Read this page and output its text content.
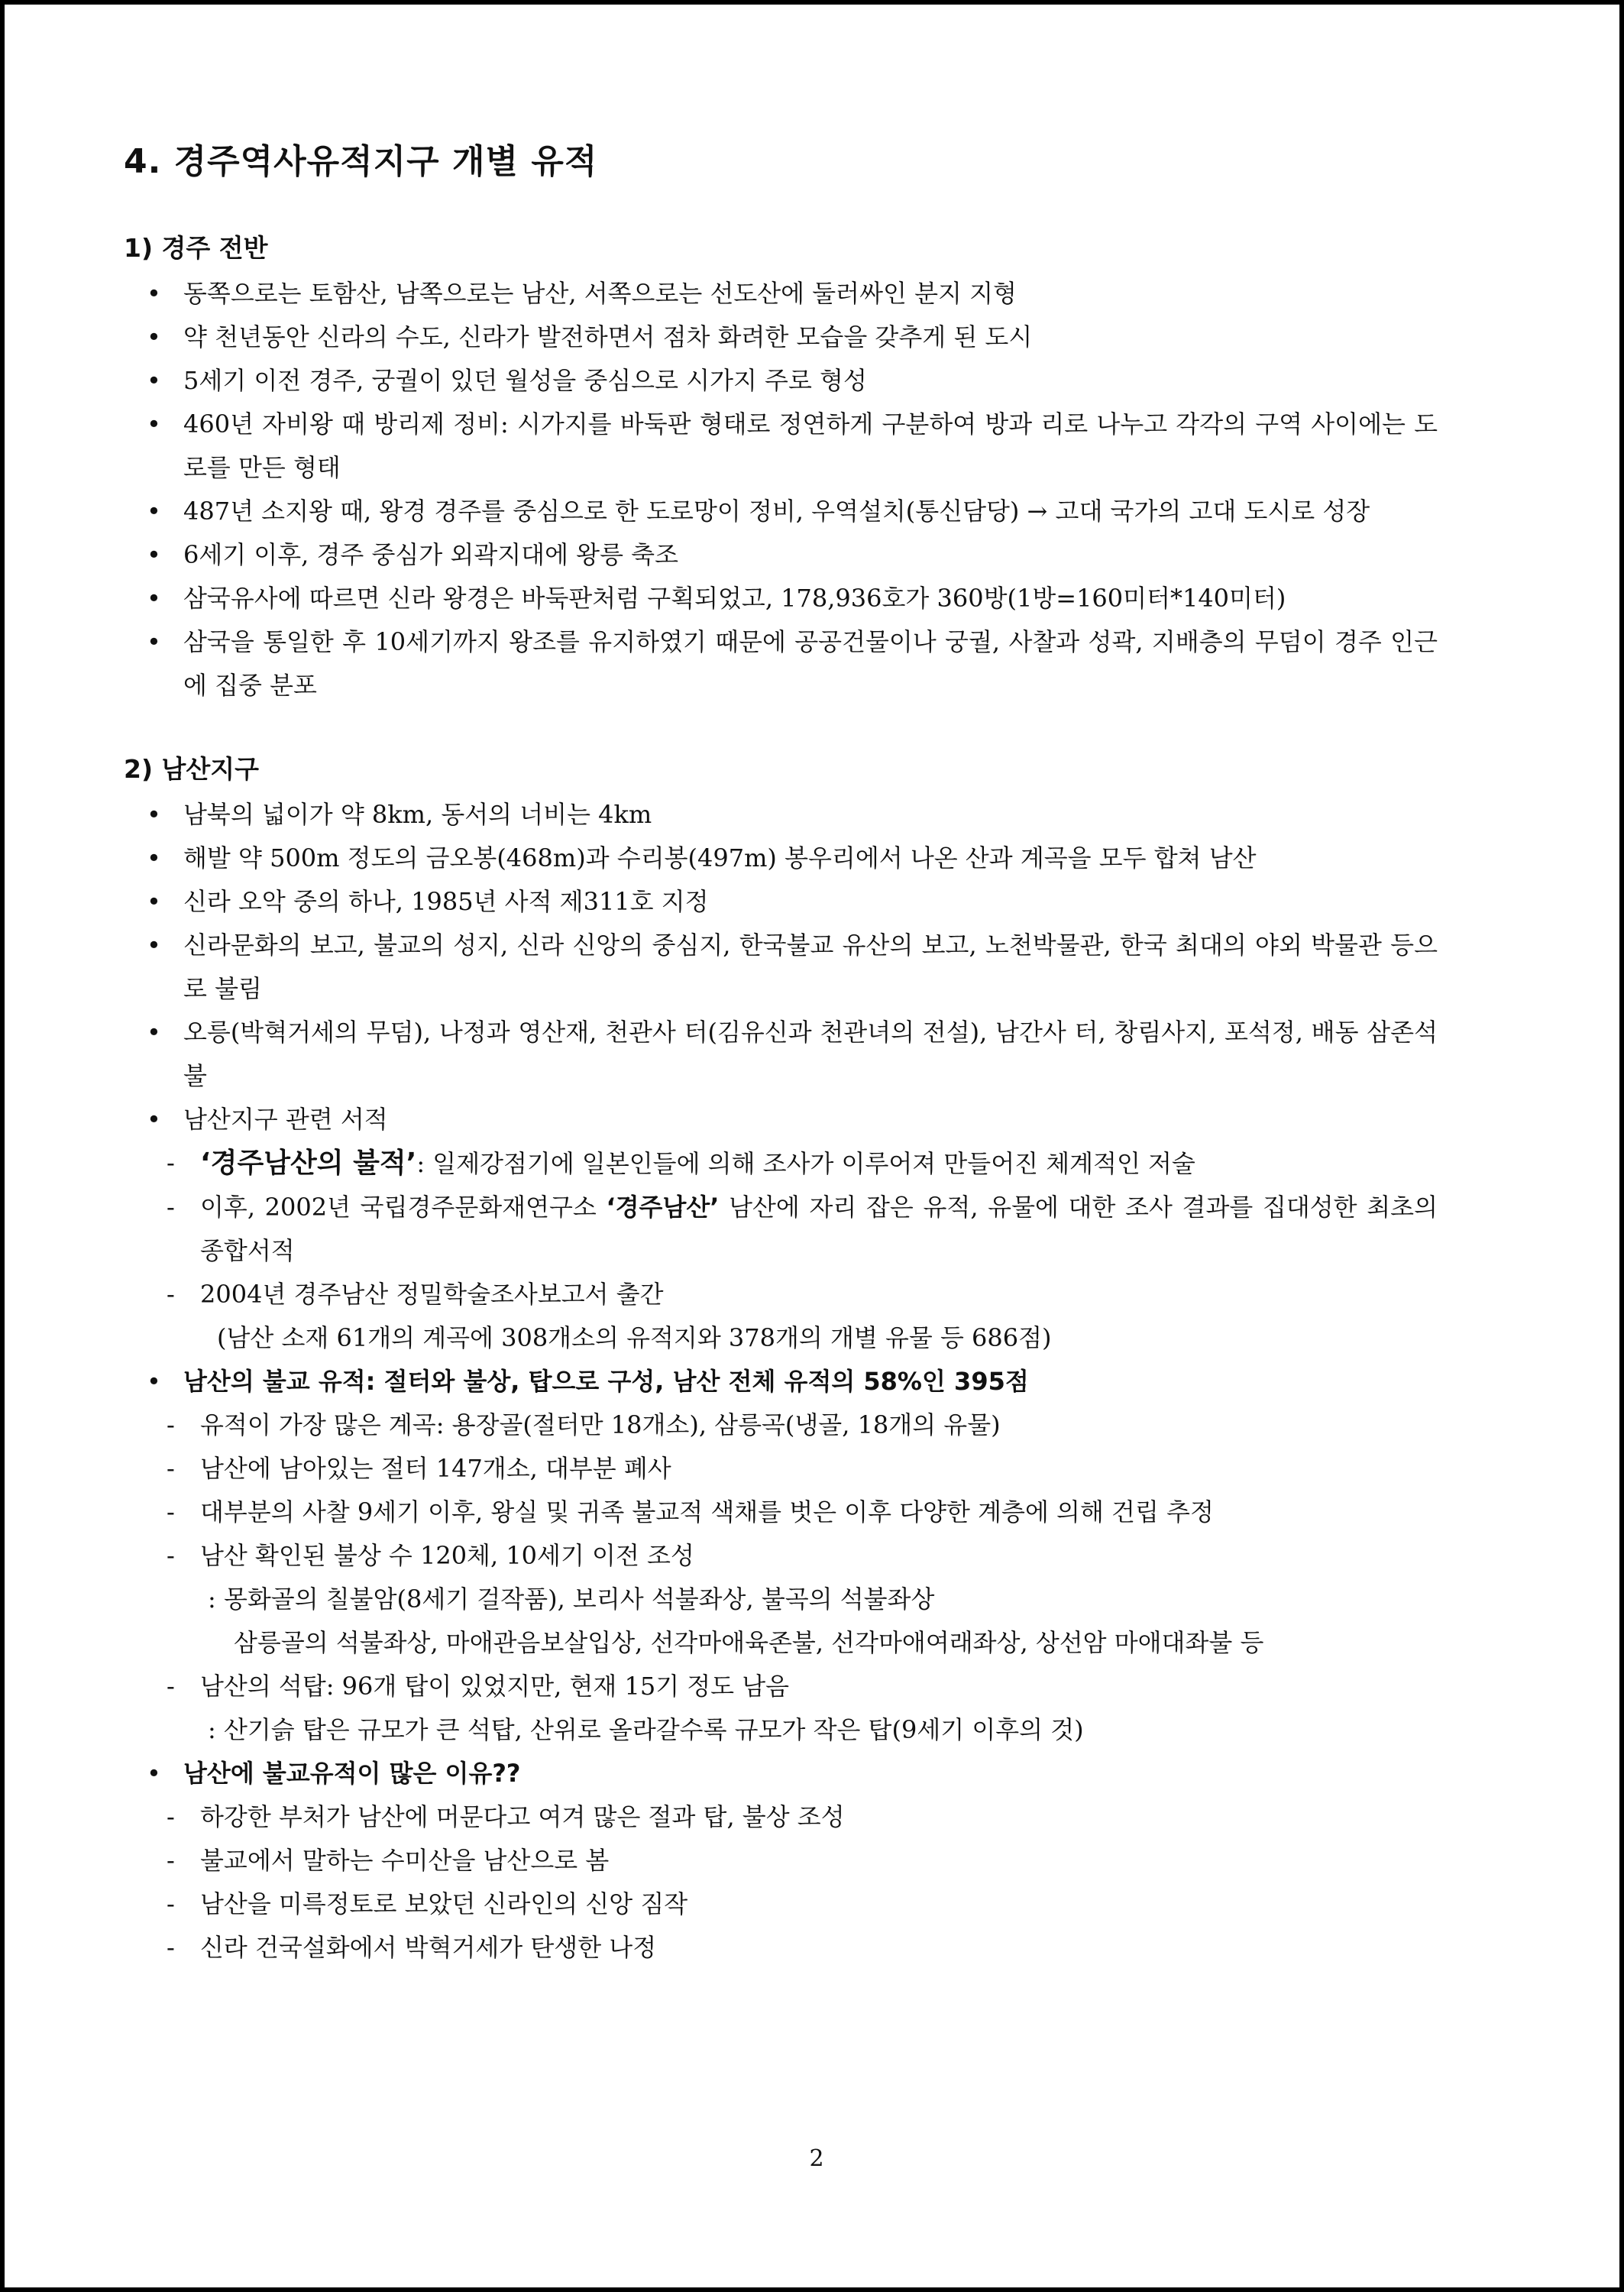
4. 경주역사유적지구 개별 유적
1) 경주 전반
• 동쪽으로는 토함산, 남쪽으로는 남산, 서쪽으로는 선도산에 둘러싸인 분지 지형
• 약 천년동안 신라의 수도, 신라가 발전하면서 점차 화려한 모습을 갖추게 된 도시
• 5세기 이전 경주, 궁궐이 있던 월성을 중심으로 시가지 주로 형성
• 460년 자비왕 때 방리제 정비: 시가지를 바둑판 형태로 정연하게 구분하여 방과 리로 나누고 각각의 구역 사이에는 도로를 만든 형태
• 487년 소지왕 때, 왕경 경주를 중심으로 한 도로망이 정비, 우역설치(통신담당) → 고대 국가의 고대 도시로 성장
• 6세기 이후, 경주 중심가 외곽지대에 왕릉 축조
• 삼국유사에 따르면 신라 왕경은 바둑판처럼 구획되었고, 178,936호가 360방(1방=160미터*140미터)
• 삼국을 통일한 후 10세기까지 왕조를 유지하였기 때문에 공공건물이나 궁궐, 사찰과 성곽, 지배층의 무덤이 경주 인근에 집중 분포
2) 남산지구
• 남북의 넓이가 약 8km, 동서의 너비는 4km
• 해발 약 500m 정도의 금오봉(468m)과 수리봉(497m) 봉우리에서 나온 산과 계곡을 모두 합쳐 남산
• 신라 오악 중의 하나, 1985년 사적 제311호 지정
• 신라문화의 보고, 불교의 성지, 신라 신앙의 중심지, 한국불교 유산의 보고, 노천박물관, 한국 최대의 야외 박물관 등으로 불림
• 오릉(박혁거세의 무덤), 나정과 영산재, 천관사 터(김유신과 천관녀의 전설), 남간사 터, 창림사지, 포석정, 배동 삼존석불
• 남산지구 관련 서적
- ‘경주남산의 불적’: 일제강점기에 일본인들에 의해 조사가 이루어져 만들어진 체계적인 저술
- 이후, 2002년 국립경주문화재연구소 ‘경주남산’ 남산에 자리 잡은 유적, 유물에 대한 조사 결과를 집대성한 최초의 종합서적
- 2004년 경주남산 정밀학술조사보고서 출간
(남산 소재 61개의 계곡에 308개소의 유적지와 378개의 개별 유물 등 686점)
• 남산의 불교 유적: 절터와 불상, 탑으로 구성, 남산 전체 유적의 58%인 395점
- 유적이 가장 많은 계곡: 용장골(절터만 18개소), 삼릉곡(냉골, 18개의 유물)
- 남산에 남아있는 절터 147개소, 대부분 폐사
- 대부분의 사찰 9세기 이후, 왕실 및 귀족 불교적 색채를 벗은 이후 다양한 계층에 의해 건립 추정
- 남산 확인된 불상 수 120체, 10세기 이전 조성
: 몽화골의 칠불암(8세기 걸작품), 보리사 석불좌상, 불곡의 석불좌상
삼릉골의 석불좌상, 마애관음보살입상, 선각마애육존불, 선각마애여래좌상, 상선암 마애대좌불 등
- 남산의 석탑: 96개 탑이 있었지만, 현재 15기 정도 남음
: 산기슭 탑은 규모가 큰 석탑, 산위로 올라갈수록 규모가 작은 탑(9세기 이후의 것)
• 남산에 불교유적이 많은 이유??
- 하강한 부처가 남산에 머문다고 여겨 많은 절과 탑, 불상 조성
- 불교에서 말하는 수미산을 남산으로 봄
- 남산을 미륵정토로 보았던 신라인의 신앙 짐작
- 신라 건국설화에서 박혁거세가 탄생한 나정
2
